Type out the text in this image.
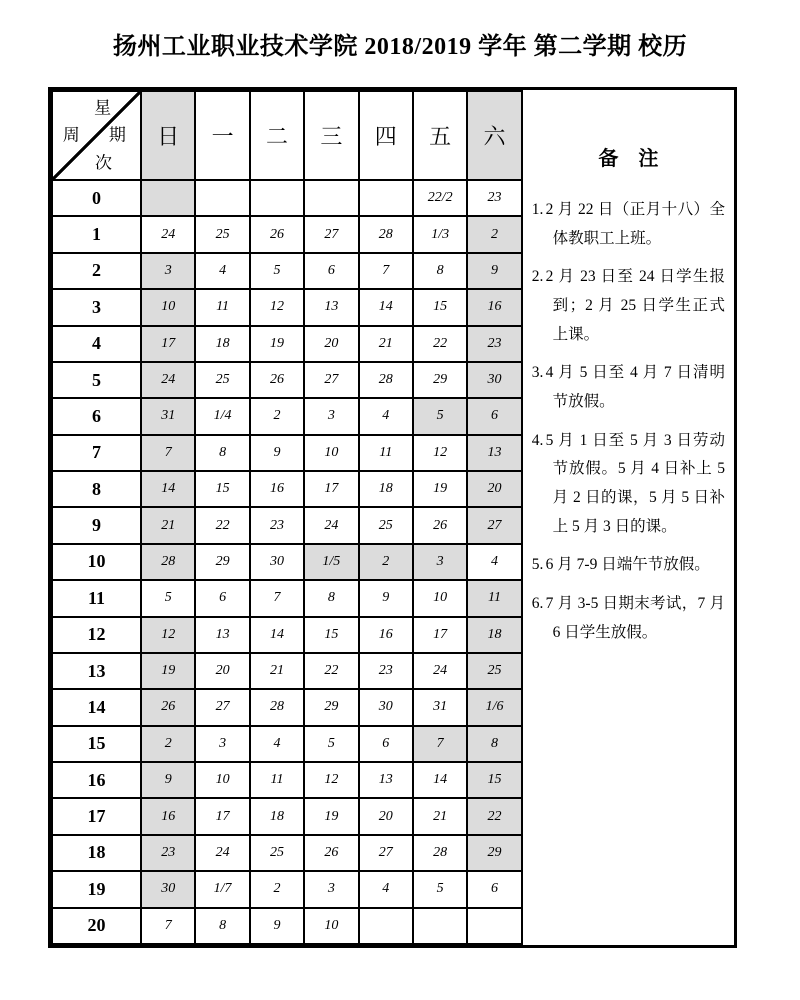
扬州工业职业技术学院 2018/2019 学年 第二学期 校历
星
期
周
次	日	一	二	三	四	五	六
0						22/2	23
1	24	25	26	27	28	1/3	2
2	3	4	5	6	7	8	9
3	10	11	12	13	14	15	16
4	17	18	19	20	21	22	23
5	24	25	26	27	28	29	30
6	31	1/4	2	3	4	5	6
7	7	8	9	10	11	12	13
8	14	15	16	17	18	19	20
9	21	22	23	24	25	26	27
10	28	29	30	1/5	2	3	4
11	5	6	7	8	9	10	11
12	12	13	14	15	16	17	18
13	19	20	21	22	23	24	25
14	26	27	28	29	30	31	1/6
15	2	3	4	5	6	7	8
16	9	10	11	12	13	14	15
17	16	17	18	19	20	21	22
18	23	24	25	26	27	28	29
19	30	1/7	2	3	4	5	6
20	7	8	9	10			
备　注
1. 2 月 22 日（正月十八）全体教职工上班。
2. 2 月 23 日至 24 日学生报到；2 月 25 日学生正式上课。
3. 4 月 5 日至 4 月 7 日清明节放假。
4. 5 月 1 日至 5 月 3 日劳动节放假。5 月 4 日补上 5 月 2 日的课，5 月 5 日补上 5 月 3 日的课。
5. 6 月 7-9 日端午节放假。
6. 7 月 3-5 日期末考试，7 月 6 日学生放假。
